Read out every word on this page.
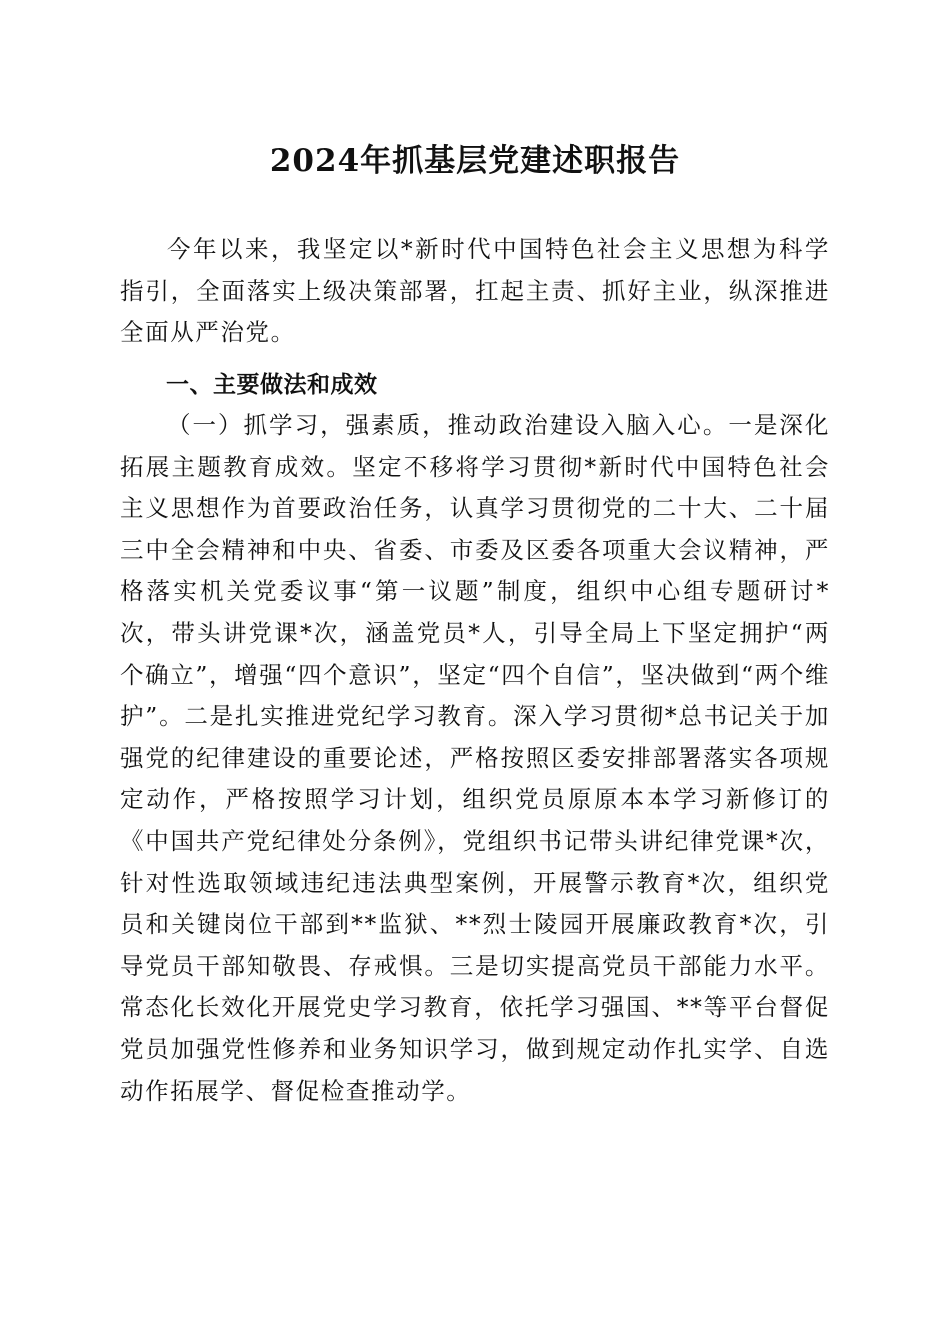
2024年抓基层党建述职报告

今年以来，我坚定以*新时代中国特色社会主义思想为科学指引，全面落实上级决策部署，扛起主责、抓好主业，纵深推进全面从严治党。

一、主要做法和成效

（一）抓学习，强素质，推动政治建设入脑入心。一是深化拓展主题教育成效。坚定不移将学习贯彻*新时代中国特色社会主义思想作为首要政治任务，认真学习贯彻党的二十大、二十届三中全会精神和中央、省委、市委及区委各项重大会议精神，严格落实机关党委议事“第一议题”制度，组织中心组专题研讨*次，带头讲党课*次，涵盖党员*人，引导全局上下坚定拥护“两个确立”，增强“四个意识”，坚定“四个自信”，坚决做到“两个维护”。二是扎实推进党纪学习教育。深入学习贯彻*总书记关于加强党的纪律建设的重要论述，严格按照区委安排部署落实各项规定动作，严格按照学习计划，组织党员原原本本学习新修订的《中国共产党纪律处分条例》，党组织书记带头讲纪律党课*次，针对性选取领域违纪违法典型案例，开展警示教育*次，组织党员和关键岗位干部到**监狱、**烈士陵园开展廉政教育*次，引导党员干部知敬畏、存戒惧。三是切实提高党员干部能力水平。常态化长效化开展党史学习教育，依托学习强国、**等平台督促党员加强党性修养和业务知识学习，做到规定动作扎实学、自选动作拓展学、督促检查推动学。
